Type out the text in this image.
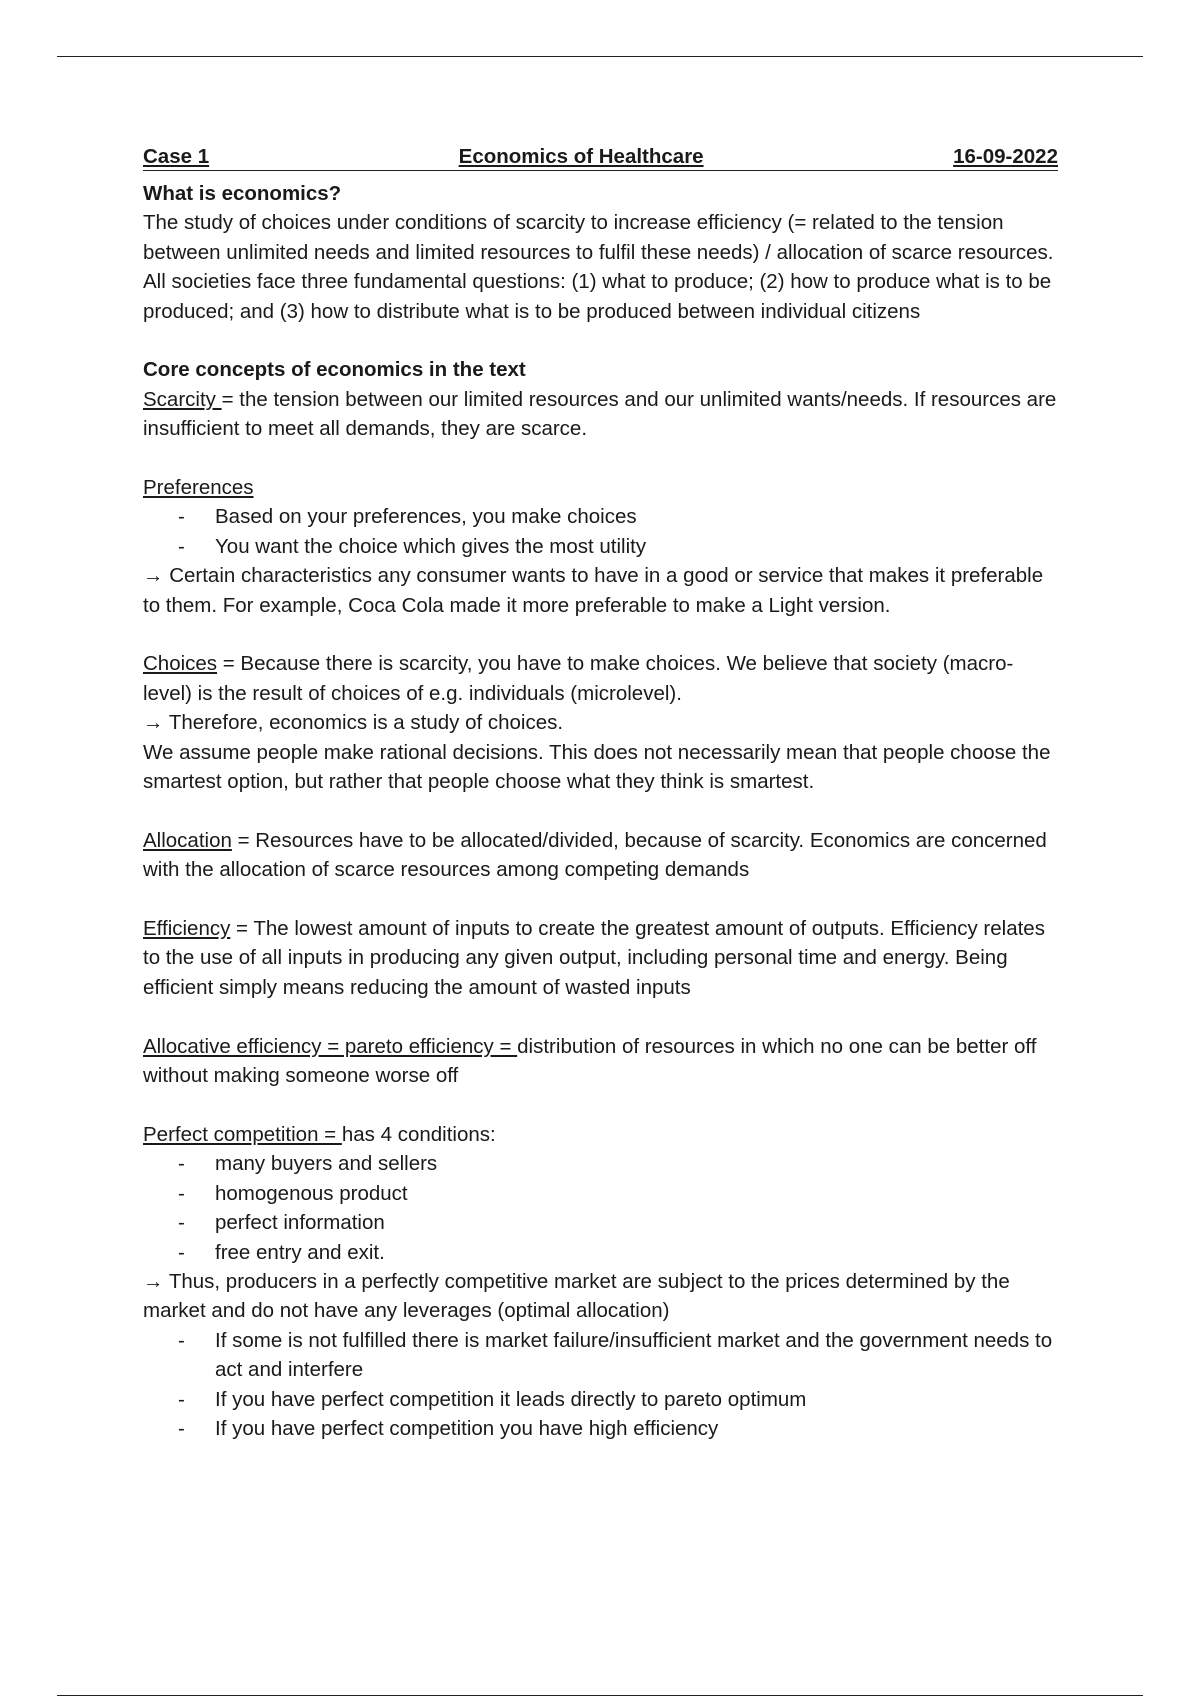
Case 1	Economics of Healthcare	16-09-2022

What is economics?

The study of choices under conditions of scarcity to increase efficiency (= related to the tension between unlimited needs and limited resources to fulfil these needs) / allocation of scarce resources. All societies face three fundamental questions: (1) what to produce; (2) how to produce what is to be produced; and (3) how to distribute what is to be produced between individual citizens

Core concepts of economics in the text

Scarcity = the tension between our limited resources and our unlimited wants/needs. If resources are insufficient to meet all demands, they are scarce.

Preferences

- Based on your preferences, you make choices
- You want the choice which gives the most utility

→ Certain characteristics any consumer wants to have in a good or service that makes it preferable to them. For example, Coca Cola made it more preferable to make a Light version.

Choices = Because there is scarcity, you have to make choices. We believe that society (macro-level) is the result of choices of e.g. individuals (microlevel).

→ Therefore, economics is a study of choices.

We assume people make rational decisions. This does not necessarily mean that people choose the smartest option, but rather that people choose what they think is smartest.

Allocation = Resources have to be allocated/divided, because of scarcity. Economics are concerned with the allocation of scarce resources among competing demands

Efficiency = The lowest amount of inputs to create the greatest amount of outputs. Efficiency relates to the use of all inputs in producing any given output, including personal time and energy. Being efficient simply means reducing the amount of wasted inputs

Allocative efficiency = pareto efficiency = distribution of resources in which no one can be better off without making someone worse off

Perfect competition = has 4 conditions:

- many buyers and sellers
- homogenous product
- perfect information
- free entry and exit.

→ Thus, producers in a perfectly competitive market are subject to the prices determined by the market and do not have any leverages (optimal allocation)

- If some is not fulfilled there is market failure/insufficient market and the government needs to act and interfere
- If you have perfect competition it leads directly to pareto optimum
- If you have perfect competition you have high efficiency
